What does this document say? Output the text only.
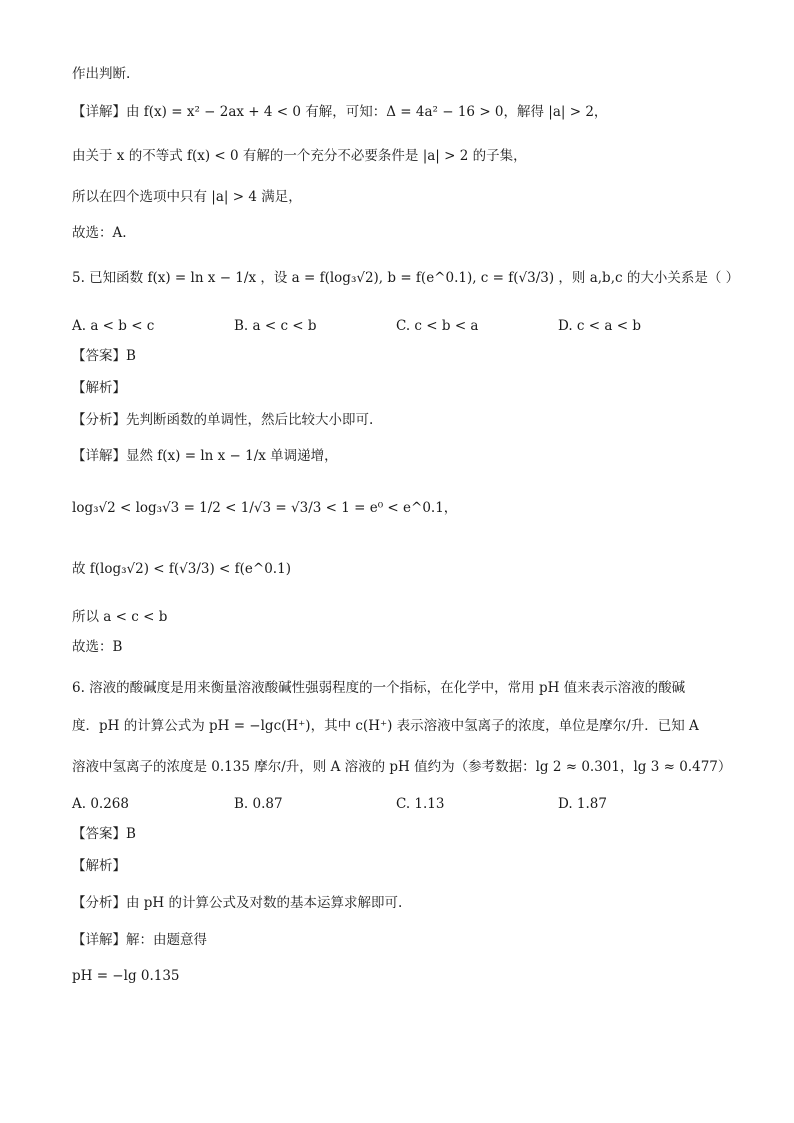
作出判断.
【详解】由 f(x) = x² − 2ax + 4 < 0 有解，可知：Δ = 4a² − 16 > 0，解得 |a| > 2，
由关于 x 的不等式 f(x) < 0 有解的一个充分不必要条件是 |a| > 2 的子集，
所以在四个选项中只有 |a| > 4 满足，
故选：A.
5. 已知函数 f(x) = ln x − 1/x ，设 a = f(log₃√2), b = f(e^0.1), c = f(√3/3) ，则 a,b,c 的大小关系是（ ）
A. a < b < c	B. a < c < b	C. c < b < a	D. c < a < b
【答案】B
【解析】
【分析】先判断函数的单调性，然后比较大小即可.
【详解】显然 f(x) = ln x − 1/x 单调递增，
log₃√2 < log₃√3 = 1/2 < 1/√3 = √3/3 < 1 = e⁰ < e^0.1，
故 f(log₃√2) < f(√3/3) < f(e^0.1)
所以 a < c < b
故选：B
6. 溶液的酸碱度是用来衡量溶液酸碱性强弱程度的一个指标，在化学中，常用 pH 值来表示溶液的酸碱
度．pH 的计算公式为 pH = −lgc(H⁺)，其中 c(H⁺) 表示溶液中氢离子的浓度，单位是摩尔/升．已知 A
溶液中氢离子的浓度是 0.135 摩尔/升，则 A 溶液的 pH 值约为（参考数据：lg 2 ≈ 0.301，lg 3 ≈ 0.477）
A. 0.268	B. 0.87	C. 1.13	D. 1.87
【答案】B
【解析】
【分析】由 pH 的计算公式及对数的基本运算求解即可.
【详解】解：由题意得
pH = −lg 0.135
